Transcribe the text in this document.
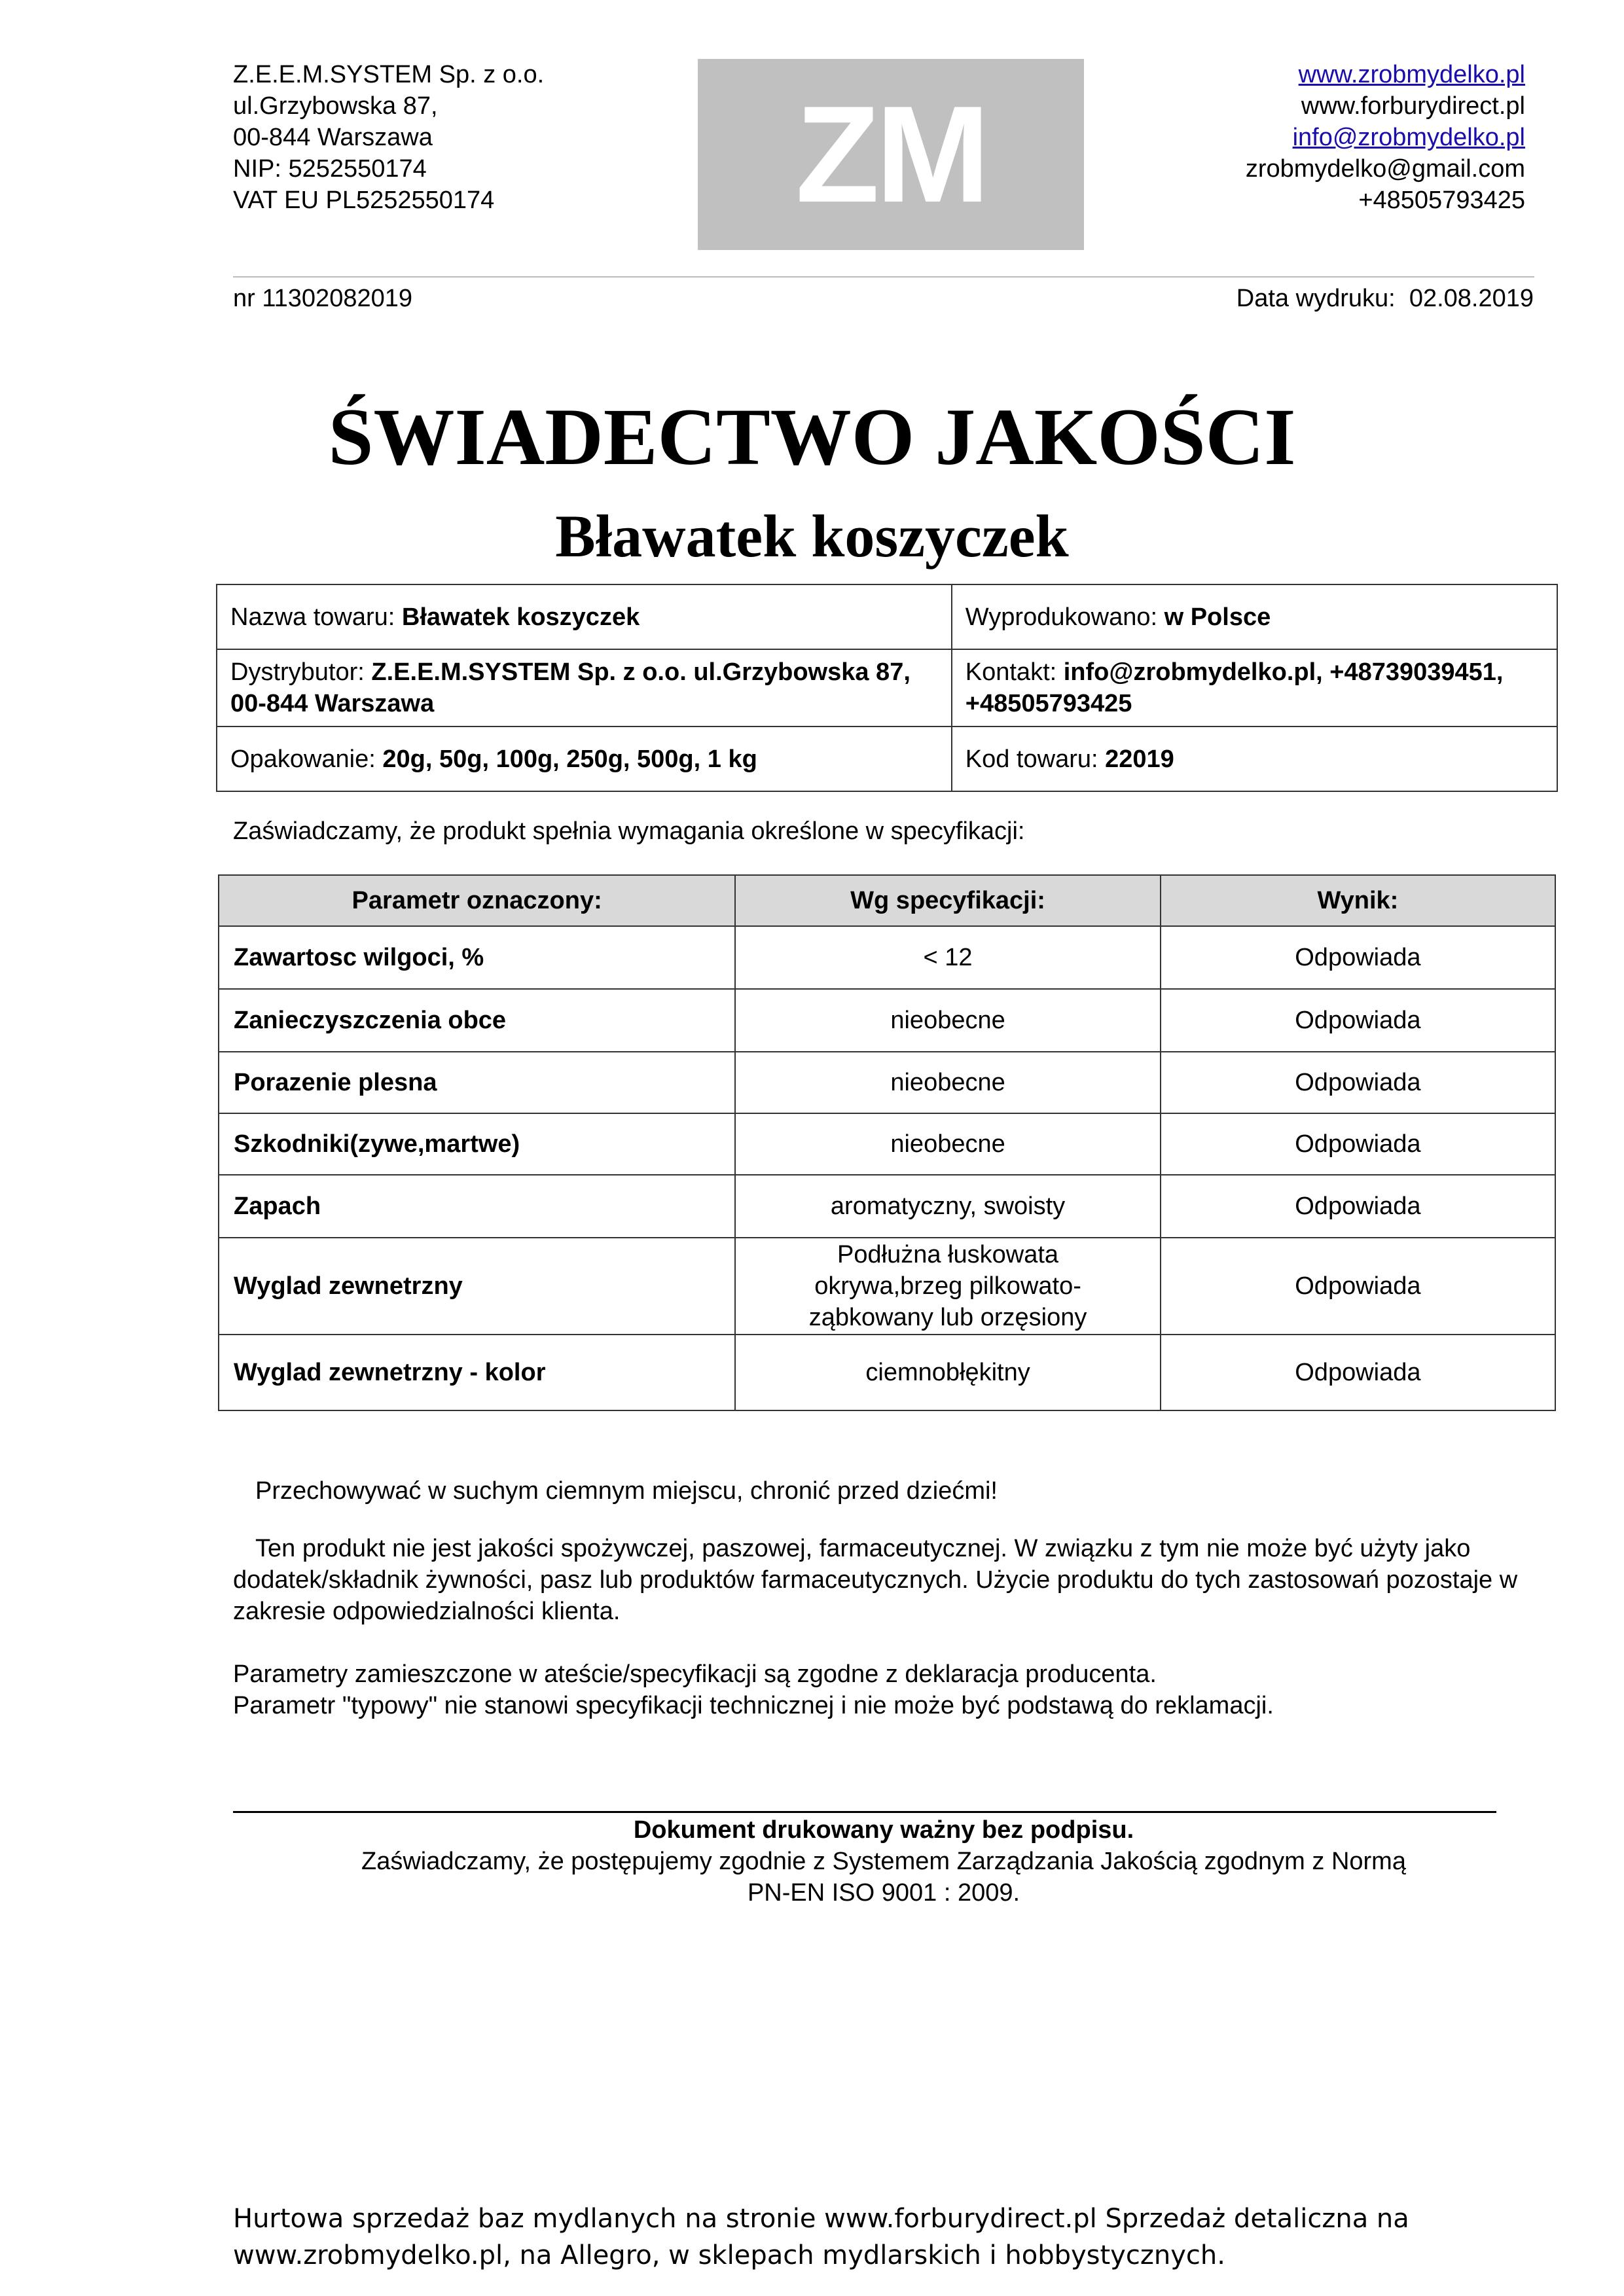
Z.E.E.M.SYSTEM Sp. z o.o.
ul.Grzybowska 87,
00-844 Warszawa
NIP: 5252550174
VAT EU PL5252550174	ZM
www.zrobmydelko.pl
www.forburydirect.pl
info@zrobmydelko.pl
zrobmydelko@gmail.com
+48505793425
nr 11302082019	Data wydruku: 02.08.2019
ŚWIADECTWO JAKOŚCI
Bławatek koszyczek
Nazwa towaru: Bławatek koszyczek	Wyprodukowano: w Polsce
Dystrybutor: Z.E.E.M.SYSTEM Sp. z o.o. ul.Grzybowska 87, 00-844 Warszawa	Kontakt: info@zrobmydelko.pl, +48739039451, +48505793425
Opakowanie: 20g, 50g, 100g, 250g, 500g, 1 kg	Kod towaru: 22019
Zaświadczamy, że produkt spełnia wymagania określone w specyfikacji:
Parametr oznaczony:	Wg specyfikacji:	Wynik:
Zawartosc wilgoci, %	< 12	Odpowiada
Zanieczyszczenia obce	nieobecne	Odpowiada
Porazenie plesna	nieobecne	Odpowiada
Szkodniki(zywe,martwe)	nieobecne	Odpowiada
Zapach	aromatyczny, swoisty	Odpowiada
Wyglad zewnetrzny	Podłużna łuskowata okrywa,brzeg pilkowato-ząbkowany lub orzęsiony	Odpowiada
Wyglad zewnetrzny - kolor	ciemnobłękitny	Odpowiada
Przechowywać w suchym ciemnym miejscu, chronić przed dziećmi!
Ten produkt nie jest jakości spożywczej, paszowej, farmaceutycznej. W związku z tym nie może być użyty jako dodatek/składnik żywności, pasz lub produktów farmaceutycznych. Użycie produktu do tych zastosowań pozostaje w zakresie odpowiedzialności klienta.
Parametry zamieszczone w ateście/specyfikacji są zgodne z deklaracja producenta.
Parametr "typowy" nie stanowi specyfikacji technicznej i nie może być podstawą do reklamacji.
Dokument drukowany ważny bez podpisu.
Zaświadczamy, że postępujemy zgodnie z Systemem Zarządzania Jakością zgodnym z Normą PN-EN ISO 9001 : 2009.
Hurtowa sprzedaż baz mydlanych na stronie www.forburydirect.pl Sprzedaż detaliczna na www.zrobmydelko.pl, na Allegro, w sklepach mydlarskich i hobbystycznych.
